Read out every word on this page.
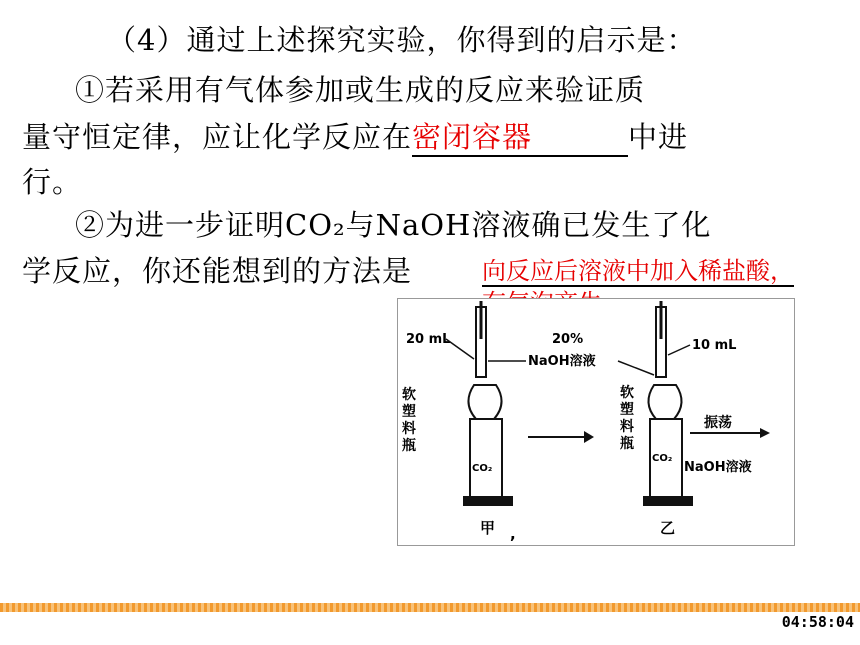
（4）通过上述探究实验，你得到的启示是：
①若采用有气体参加或生成的反应来验证质
量守恒定律，应让化学反应在密闭容器	中进
行。
②为进一步证明CO₂与NaOH溶液确已发生了化
学反应，你还能想到的方法是	向反应后溶液中加入稀盐酸，
20 mL	20%
NaOH溶液
软塑料瓶
CO₂
10 mL
软塑料瓶
CO₂
振荡
NaOH溶液
甲 ,	乙
04:58:04
